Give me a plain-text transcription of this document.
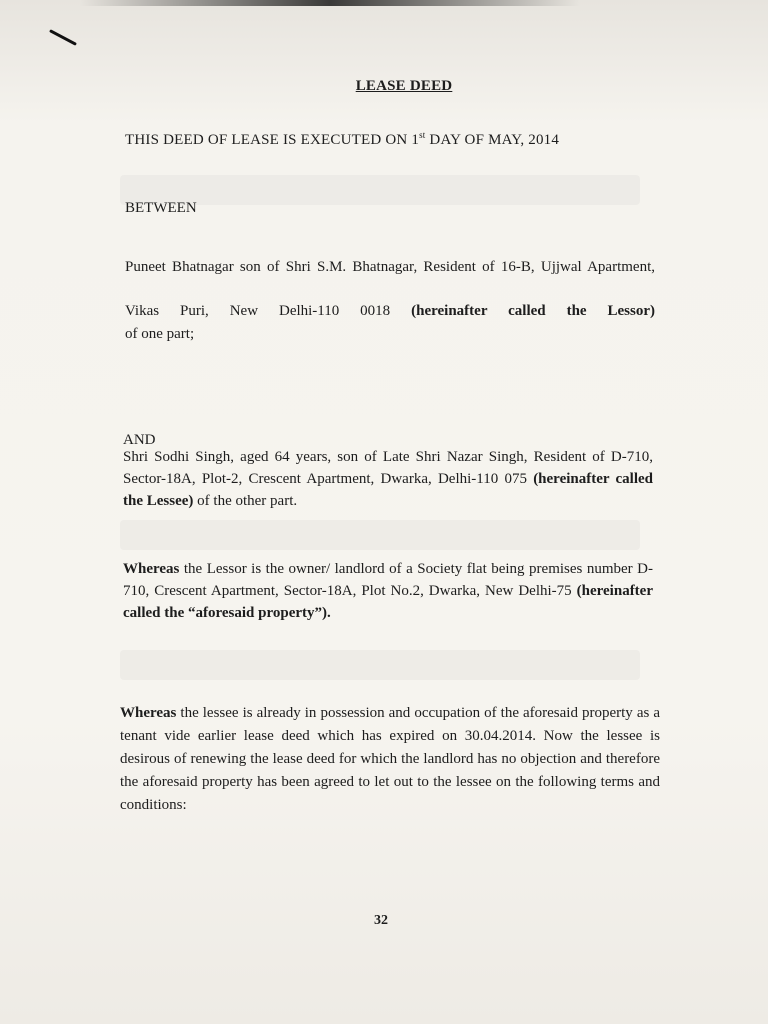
LEASE DEED
THIS DEED OF LEASE IS EXECUTED ON 1st DAY OF MAY, 2014
BETWEEN
Puneet Bhatnagar son of Shri S.M. Bhatnagar, Resident of 16-B, Ujjwal Apartment, Vikas Puri, New Delhi-110 0018 (hereinafter called the Lessor)
of one part;
AND
Shri Sodhi Singh, aged 64 years, son of Late Shri Nazar Singh, Resident of D-710, Sector-18A, Plot-2, Crescent Apartment, Dwarka, Delhi-110 075 (hereinafter called the Lessee) of the other part.
Whereas the Lessor is the owner/ landlord of a Society flat being premises number D-710, Crescent Apartment, Sector-18A, Plot No.2, Dwarka, New Delhi-75 (hereinafter called the “aforesaid property”).
Whereas the lessee is already in possession and occupation of the aforesaid property as a tenant vide earlier lease deed which has expired on 30.04.2014. Now the lessee is desirous of renewing the lease deed for which the landlord has no objection and therefore the aforesaid property has been agreed to let out to the lessee on the following terms and conditions:
32
